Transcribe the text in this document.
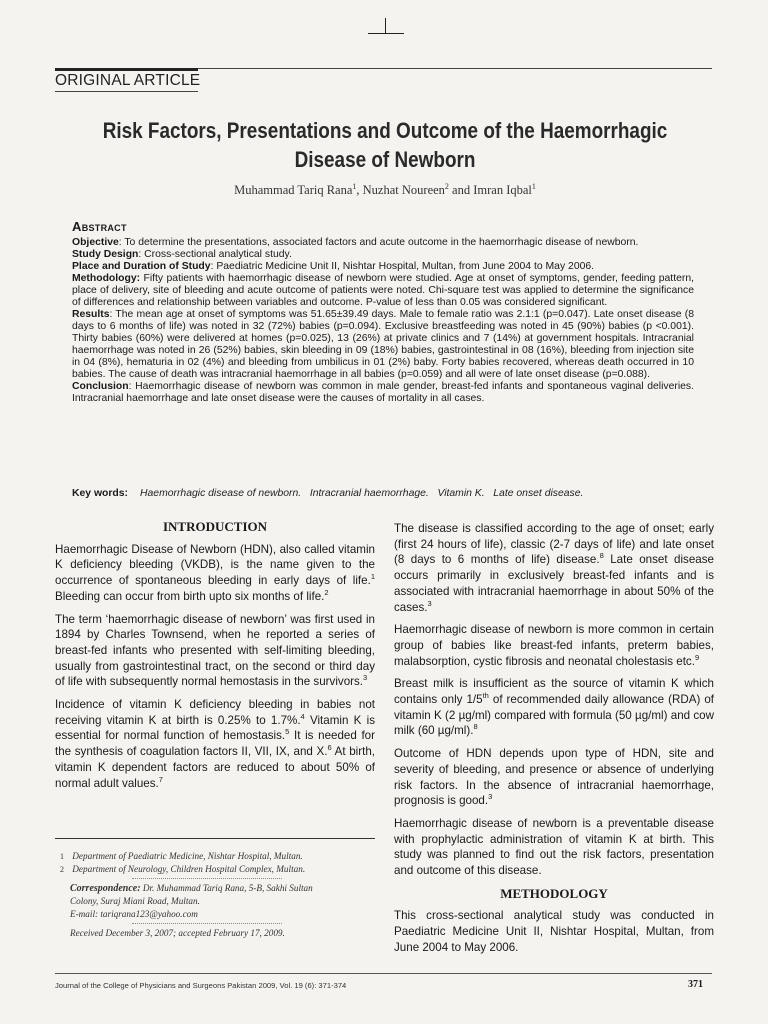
ORIGINAL ARTICLE
Risk Factors, Presentations and Outcome of the Haemorrhagic
Disease of Newborn
Muhammad Tariq Rana$^1$, Nuzhat Noureen$^2$ and Imran Iqbal$^1$
Abstract

Objective: To determine the presentations, associated factors and acute outcome in the haemorrhagic disease of newborn.

Study Design: Cross-sectional analytical study.

Place and Duration of Study: Paediatric Medicine Unit II, Nishtar Hospital, Multan, from June 2004 to May 2006.

Methodology: Fifty patients with haemorrhagic disease of newborn were studied. Age at onset of symptoms, gender, feeding pattern, place of delivery, site of bleeding and acute outcome of patients were noted. Chi-square test was applied to determine the significance of differences and relationship between variables and outcome. P-value of less than 0.05 was considered significant.

Results: The mean age at onset of symptoms was 51.65±39.49 days. Male to female ratio was 2.1:1 (p=0.047). Late onset disease (8 days to 6 months of life) was noted in 32 (72%) babies (p=0.094). Exclusive breastfeeding was noted in 45 (90%) babies (p <0.001). Thirty babies (60%) were delivered at homes (p=0.025), 13 (26%) at private clinics and 7 (14%) at government hospitals. Intracranial haemorrhage was noted in 26 (52%) babies, skin bleeding in 09 (18%) babies, gastrointestinal in 08 (16%), bleeding from injection site in 04 (8%), hematuria in 02 (4%) and bleeding from umbilicus in 01 (2%) baby. Forty babies recovered, whereas death occurred in 10 babies. The cause of death was intracranial haemorrhage in all babies (p=0.059) and all were of late onset disease (p=0.088).

Conclusion: Haemorrhagic disease of newborn was common in male gender, breast-fed infants and spontaneous vaginal deliveries. Intracranial haemorrhage and late onset disease were the causes of mortality in all cases.

Key words: Haemorrhagic disease of newborn.   Intracranial haemorrhage.   Vitamin K.   Late onset disease.
INTRODUCTION

Haemorrhagic Disease of Newborn (HDN), also called vitamin K deficiency bleeding (VKDB), is the name given to the occurrence of spontaneous bleeding in early days of life.$^1$ Bleeding can occur from birth upto six months of life.$^2$

The term ‘haemorrhagic disease of newborn’ was first used in 1894 by Charles Townsend, when he reported a series of breast-fed infants who presented with self-limiting bleeding, usually from gastrointestinal tract, on the second or third day of life with subsequently normal hemostasis in the survivors.$^3$

Incidence of vitamin K deficiency bleeding in babies not receiving vitamin K at birth is 0.25% to 1.7%.$^4$ Vitamin K is essential for normal function of hemostasis.$^5$ It is needed for the synthesis of coagulation factors II, VII, IX, and X.$^6$ At birth, vitamin K dependent factors are reduced to about 50% of normal adult values.$^7$

The disease is classified according to the age of onset; early (first 24 hours of life), classic (2-7 days of life) and late onset (8 days to 6 months of life) disease.$^8$ Late onset disease occurs primarily in exclusively breast-fed infants and is associated with intracranial haemorrhage in about 50% of the cases.$^3$

Haemorrhagic disease of newborn is more common in certain group of babies like breast-fed infants, preterm babies, malabsorption, cystic fibrosis and neonatal cholestasis etc.$^9$

Breast milk is insufficient as the source of vitamin K which contains only 1/5th of recommended daily allowance (RDA) of vitamin K (2 µg/ml) compared with formula (50 µg/ml) and cow milk (60 µg/ml).$^8$

Outcome of HDN depends upon type of HDN, site and severity of bleeding, and presence or absence of underlying risk factors. In the absence of intracranial haemorrhage, prognosis is good.$^3$

Haemorrhagic disease of newborn is a preventable disease with prophylactic administration of vitamin K at birth. This study was planned to find out the risk factors, presentation and outcome of this disease.

METHODOLOGY

This cross-sectional analytical study was conducted in Paediatric Medicine Unit II, Nishtar Hospital, Multan, from June 2004 to May 2006.

1 Department of Paediatric Medicine, Nishtar Hospital, Multan.
2 Department of Neurology, Children Hospital Complex, Multan.
Correspondence: Dr. Muhammad Tariq Rana, 5-B, Sakhi Sultan
Colony, Suraj Miani Road, Multan.
E-mail: tariqrana123@yahoo.com
Received December 3, 2007; accepted February 17, 2009.
Journal of the College of Physicians and Surgeons Pakistan 2009, Vol. 19 (6): 371-374	371
